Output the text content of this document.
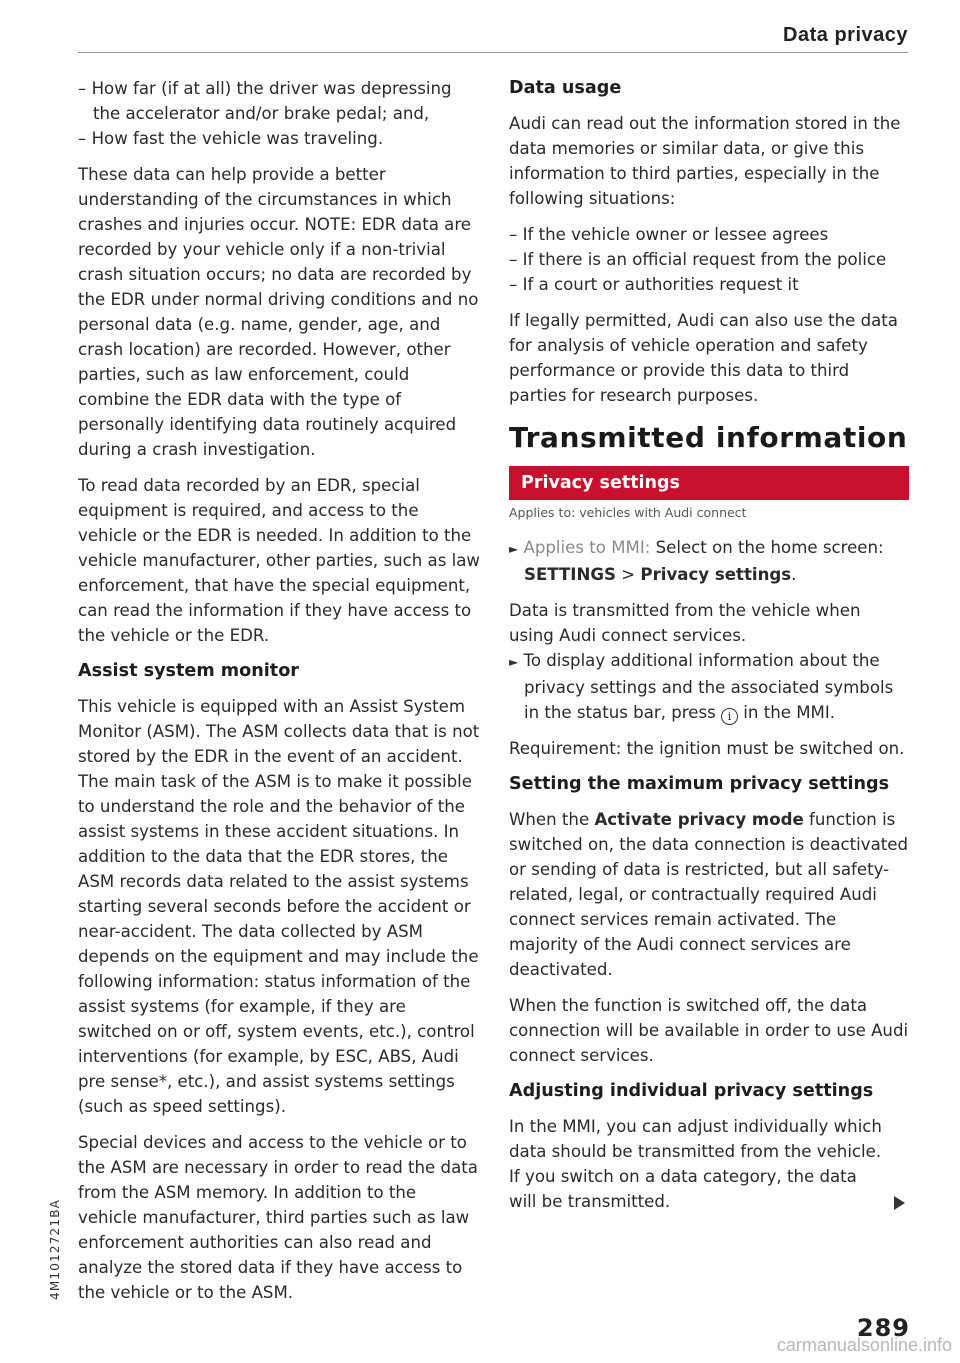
Data privacy

– How far (if at all) the driver was depressing the accelerator and/or brake pedal; and,

– How fast the vehicle was traveling.

These data can help provide a better understanding of the circumstances in which crashes and injuries occur. NOTE: EDR data are recorded by your vehicle only if a non-trivial crash situation occurs; no data are recorded by the EDR under normal driving conditions and no personal data (e.g. name, gender, age, and crash location) are recorded. However, other parties, such as law enforcement, could combine the EDR data with the type of personally identifying data routinely acquired during a crash investigation.

To read data recorded by an EDR, special equipment is required, and access to the vehicle or the EDR is needed. In addition to the vehicle manufacturer, other parties, such as law enforcement, that have the special equipment, can read the information if they have access to the vehicle or the EDR.

Assist system monitor

This vehicle is equipped with an Assist System Monitor (ASM). The ASM collects data that is not stored by the EDR in the event of an accident. The main task of the ASM is to make it possible to understand the role and the behavior of the assist systems in these accident situations. In addition to the data that the EDR stores, the ASM records data related to the assist systems starting several seconds before the accident or near-accident. The data collected by ASM depends on the equipment and may include the following information: status information of the assist systems (for example, if they are switched on or off, system events, etc.), control interventions (for example, by ESC, ABS, Audi pre sense*, etc.), and assist systems settings (such as speed settings).

Special devices and access to the vehicle or to the ASM are necessary in order to read the data from the ASM memory. In addition to the vehicle manufacturer, third parties such as law enforcement authorities can also read and analyze the stored data if they have access to the vehicle or to the ASM.

Data usage

Audi can read out the information stored in the data memories or similar data, or give this information to third parties, especially in the following situations:

– If the vehicle owner or lessee agrees

– If there is an official request from the police

– If a court or authorities request it

If legally permitted, Audi can also use the data for analysis of vehicle operation and safety performance or provide this data to third parties for research purposes.

Transmitted information
Privacy settings
Applies to: vehicles with Audi connect

► Applies to MMI: Select on the home screen: SETTINGS > Privacy settings.

Data is transmitted from the vehicle when using Audi connect services.

► To display additional information about the privacy settings and the associated symbols in the status bar, press i in the MMI.

Requirement: the ignition must be switched on.

Setting the maximum privacy settings

When the Activate privacy mode function is switched on, the data connection is deactivated or sending of data is restricted, but all safety-related, legal, or contractually required Audi connect services remain activated. The majority of the Audi connect services are deactivated.

When the function is switched off, the data connection will be available in order to use Audi connect services.

Adjusting individual privacy settings

In the MMI, you can adjust individually which data should be transmitted from the vehicle. If you switch on a data category, the data will be transmitted.

4M1012721BA
289
carmanualsonline.info
